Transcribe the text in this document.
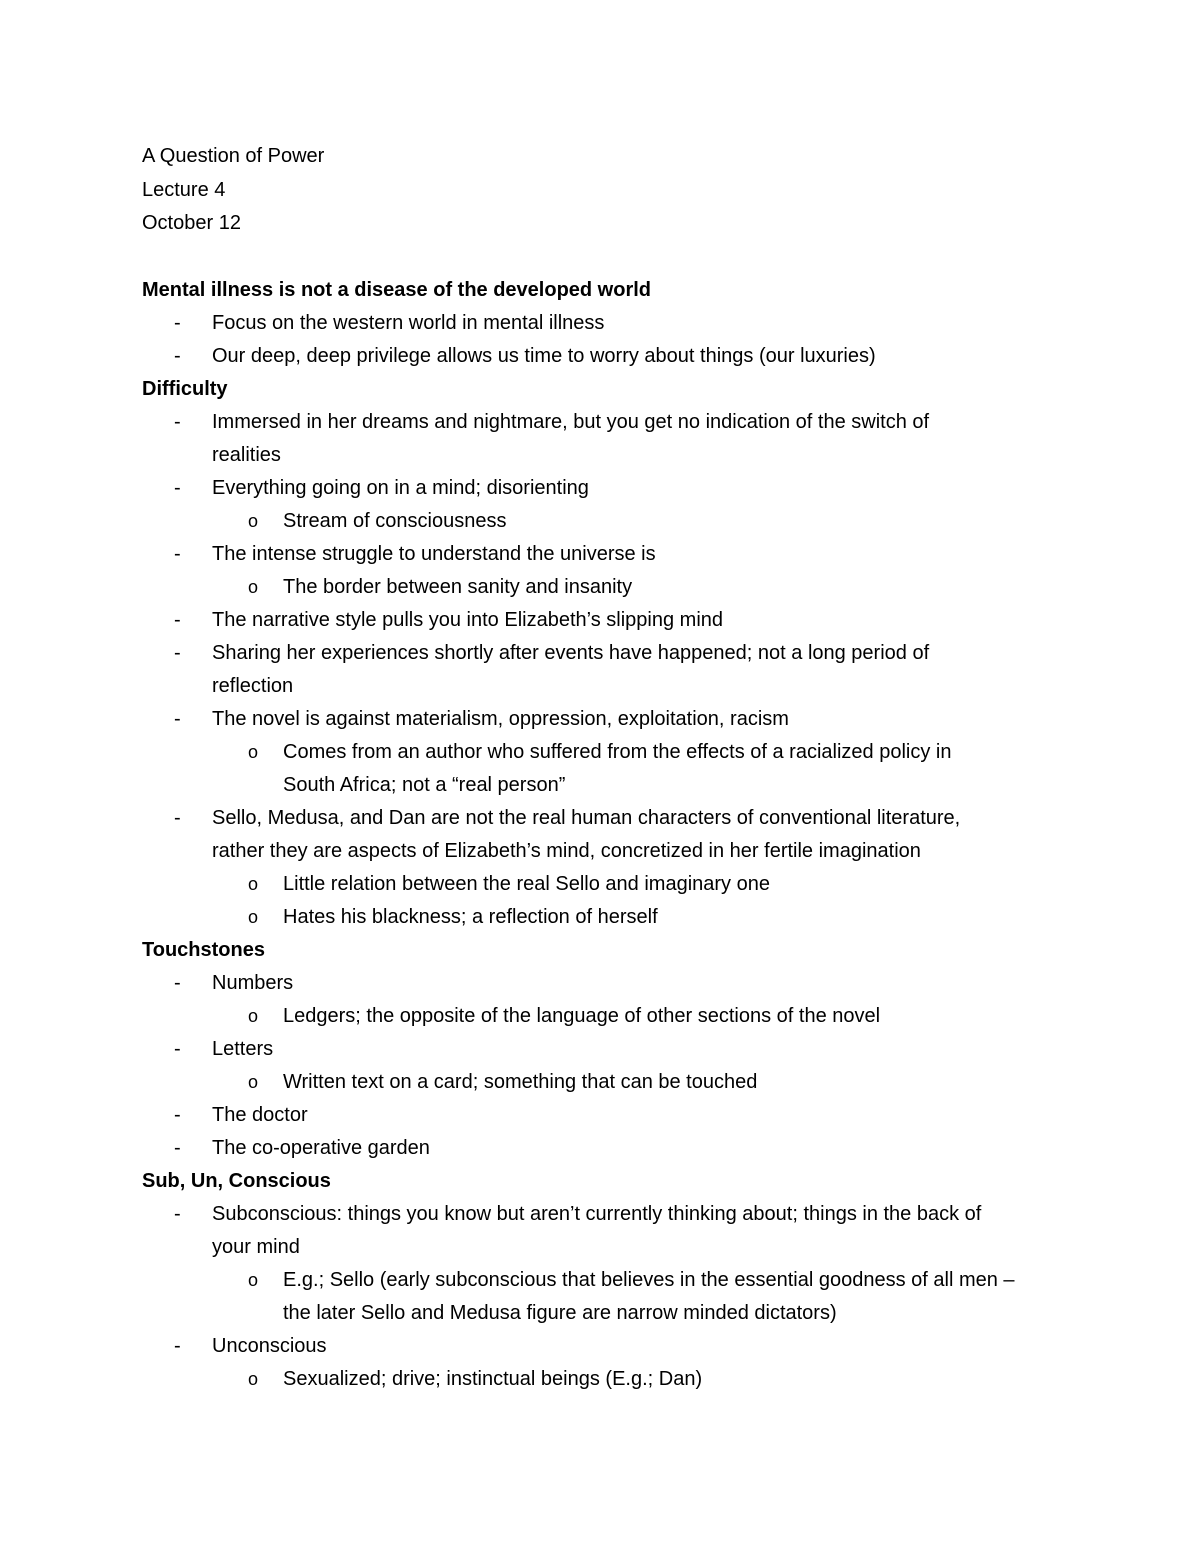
A Question of Power

Lecture 4

October 12

Mental illness is not a disease of the developed world

- Focus on the western world in mental illness
- Our deep, deep privilege allows us time to worry about things (our luxuries)

Difficulty

- Immersed in her dreams and nightmare, but you get no indication of the switch of
realities
- Everything going on in a mind; disorienting
o Stream of consciousness
- The intense struggle to understand the universe is
o The border between sanity and insanity
- The narrative style pulls you into Elizabeth’s slipping mind
- Sharing her experiences shortly after events have happened; not a long period of
reflection
- The novel is against materialism, oppression, exploitation, racism
o Comes from an author who suffered from the effects of a racialized policy in
South Africa; not a “real person”
- Sello, Medusa, and Dan are not the real human characters of conventional literature,
rather they are aspects of Elizabeth’s mind, concretized in her fertile imagination
o Little relation between the real Sello and imaginary one
o Hates his blackness; a reflection of herself

Touchstones

- Numbers
o Ledgers; the opposite of the language of other sections of the novel
- Letters
o Written text on a card; something that can be touched
- The doctor
- The co-operative garden

Sub, Un, Conscious

- Subconscious: things you know but aren’t currently thinking about; things in the back of
your mind
o E.g.; Sello (early subconscious that believes in the essential goodness of all men –
the later Sello and Medusa figure are narrow minded dictators)
- Unconscious
o Sexualized; drive; instinctual beings (E.g.; Dan)
